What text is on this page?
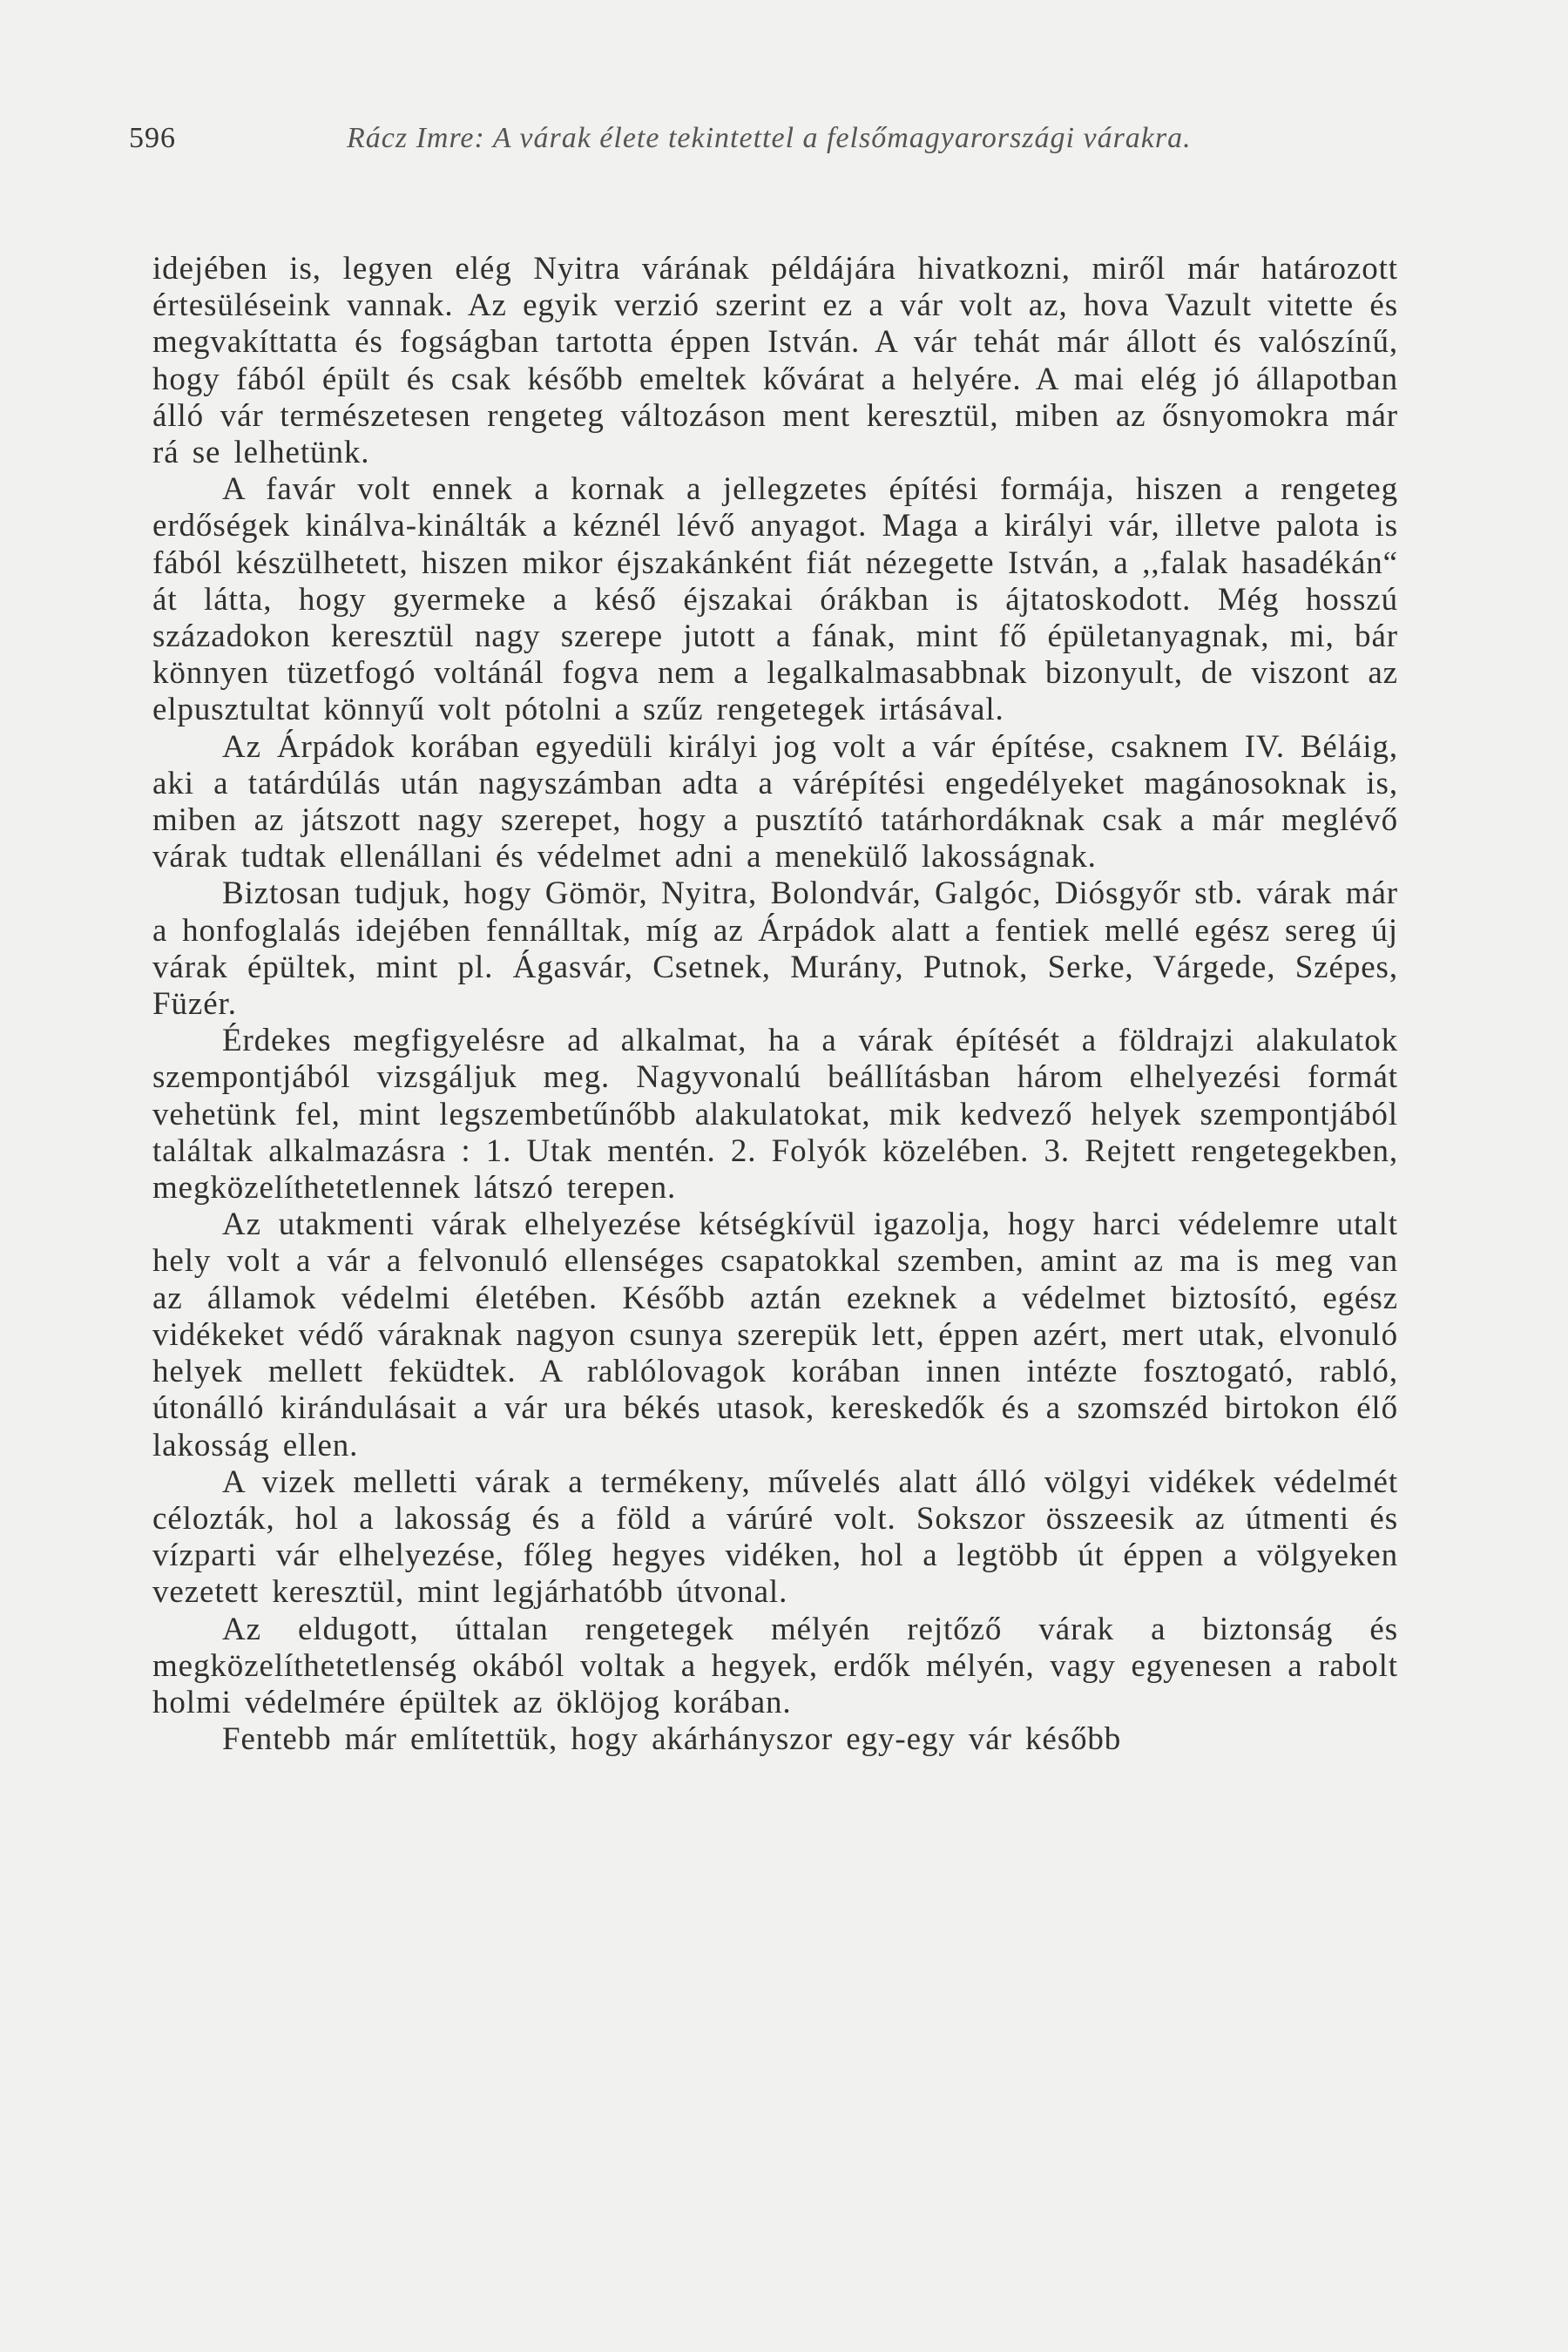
596	Rácz Imre: A várak élete tekintettel a felsőmagyarországi várakra.

idejében is, legyen elég Nyitra várának példájára hivatkozni, miről már határozott értesüléseink vannak. Az egyik verzió szerint ez a vár volt az, hova Vazult vitette és megvakíttatta és fogságban tartotta éppen István. A vár tehát már állott és valószínű, hogy fából épült és csak később emeltek kővárat a helyére. A mai elég jó állapotban álló vár természetesen rengeteg változáson ment keresztül, miben az ősnyomokra már rá se lelhetünk.

A favár volt ennek a kornak a jellegzetes építési formája, hiszen a rengeteg erdőségek kinálva-kinálták a kéznél lévő anyagot. Maga a királyi vár, illetve palota is fából készülhetett, hiszen mikor éjszakánként fiát nézegette István, a ,,falak hasadékán“ át látta, hogy gyermeke a késő éjszakai órákban is ájtatoskodott. Még hosszú századokon keresztül nagy szerepe jutott a fának, mint fő épületanyagnak, mi, bár könnyen tüzetfogó voltánál fogva nem a legalkalmasabbnak bizonyult, de viszont az elpusztultat könnyű volt pótolni a szűz rengetegek irtásával.

Az Árpádok korában egyedüli királyi jog volt a vár építése, csaknem IV. Béláig, aki a tatárdúlás után nagyszámban adta a várépítési engedélyeket magánosoknak is, miben az játszott nagy szerepet, hogy a pusztító tatárhordáknak csak a már meglévő várak tudtak ellenállani és védelmet adni a menekülő lakosságnak.

Biztosan tudjuk, hogy Gömör, Nyitra, Bolondvár, Galgóc, Diósgyőr stb. várak már a honfoglalás idejében fennálltak, míg az Árpádok alatt a fentiek mellé egész sereg új várak épültek, mint pl. Ágasvár, Csetnek, Murány, Putnok, Serke, Várgede, Szépes, Füzér.

Érdekes megfigyelésre ad alkalmat, ha a várak építését a földrajzi alakulatok szempontjából vizsgáljuk meg. Nagyvonalú beállításban három elhelyezési formát vehetünk fel, mint legszembetűnőbb alakulatokat, mik kedvező helyek szempontjából találtak alkalmazásra : 1. Utak mentén. 2. Folyók közelében. 3. Rejtett rengetegekben, megközelíthetetlennek látszó terepen.

Az utakmenti várak elhelyezése kétségkívül igazolja, hogy harci védelemre utalt hely volt a vár a felvonuló ellenséges csapatokkal szemben, amint az ma is meg van az államok védelmi életében. Később aztán ezeknek a védelmet biztosító, egész vidékeket védő váraknak nagyon csunya szerepük lett, éppen azért, mert utak, elvonuló helyek mellett feküdtek. A rablólovagok korában innen intézte fosztogató, rabló, útonálló kirándulásait a vár ura békés utasok, kereskedők és a szomszéd birtokon élő lakosság ellen.

A vizek melletti várak a termékeny, művelés alatt álló völgyi vidékek védelmét célozták, hol a lakosság és a föld a várúré volt. Sokszor összeesik az útmenti és vízparti vár elhelyezése, főleg hegyes vidéken, hol a legtöbb út éppen a völgyeken vezetett keresztül, mint legjárhatóbb útvonal.

Az eldugott, úttalan rengetegek mélyén rejtőző várak a biztonság és megközelíthetetlenség okából voltak a hegyek, erdők mélyén, vagy egyenesen a rabolt holmi védelmére épültek az öklöjog korában.

Fentebb már említettük, hogy akárhányszor egy-egy vár később
